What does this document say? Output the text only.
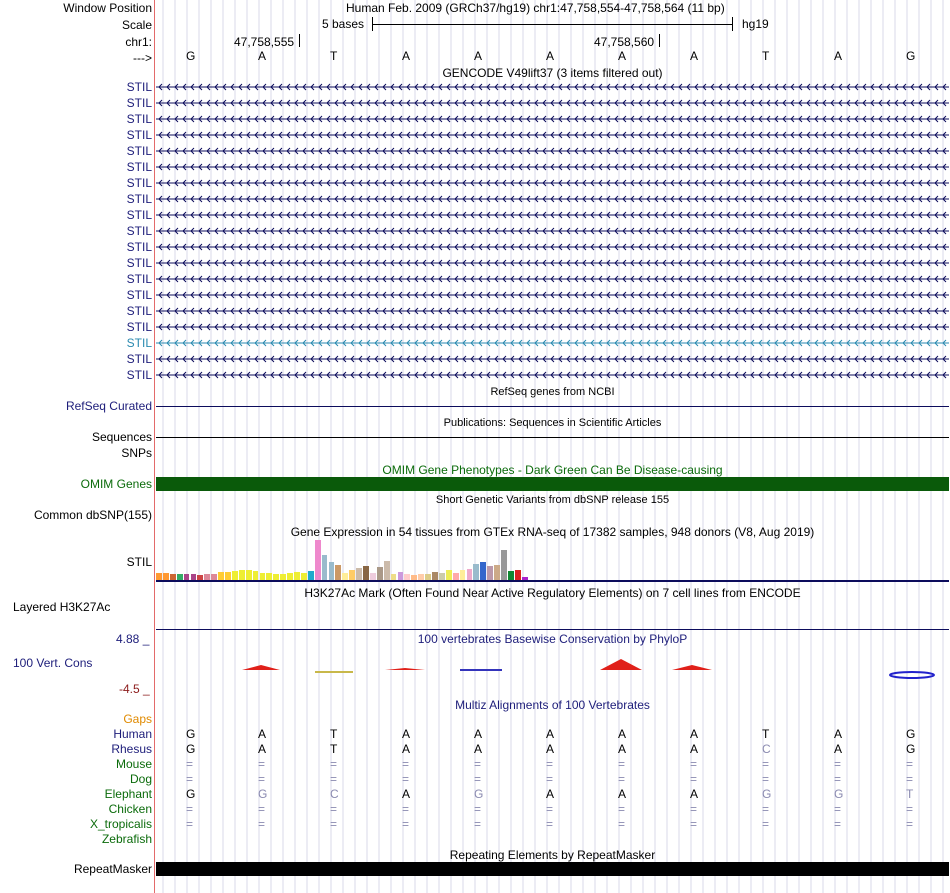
Window Position	Human Feb. 2009 (GRCh37/hg19) chr1:47,758,554-47,758,564 (11 bp)
Scale	5 bases	hg19
chr1:	47,758,555	47,758,560
--->	G	A	T	A	A	A	A	A	T	A	G
GENCODE V49lift37 (3 items filtered out)
STIL
STIL
STIL
STIL
STIL
STIL
STIL
STIL
STIL
STIL
STIL
STIL
STIL
STIL
STIL
STIL
STIL
STIL
STIL
RefSeq genes from NCBI
RefSeq Curated
Publications: Sequences in Scientific Articles
Sequences
SNPs
OMIM Gene Phenotypes - Dark Green Can Be Disease-causing
OMIM Genes
Short Genetic Variants from dbSNP release 155
Common dbSNP(155)
Gene Expression in 54 tissues from GTEx RNA-seq of 17382 samples, 948 donors (V8, Aug 2019)
STIL
H3K27Ac Mark (Often Found Near Active Regulatory Elements) on 7 cell lines from ENCODE
Layered H3K27Ac
4.88 _	100 vertebrates Basewise Conservation by PhyloP
100 Vert. Cons
-4.5 _
Multiz Alignments of 100 Vertebrates
Gaps
Human	G	A	T	A	A	A	A	A	T	A	G
Rhesus	G	A	T	A	A	A	A	A	C	A	G
Mouse	=	=	=	=	=	=	=	=	=	=	=
Dog	=	=	=	=	=	=	=	=	=	=	=
Elephant	G	G	C	A	G	A	A	A	G	G	T
Chicken	=	=	=	=	=	=	=	=	=	=	=
X_tropicalis	=	=	=	=	=	=	=	=	=	=	=
Zebrafish
Repeating Elements by RepeatMasker
RepeatMasker
